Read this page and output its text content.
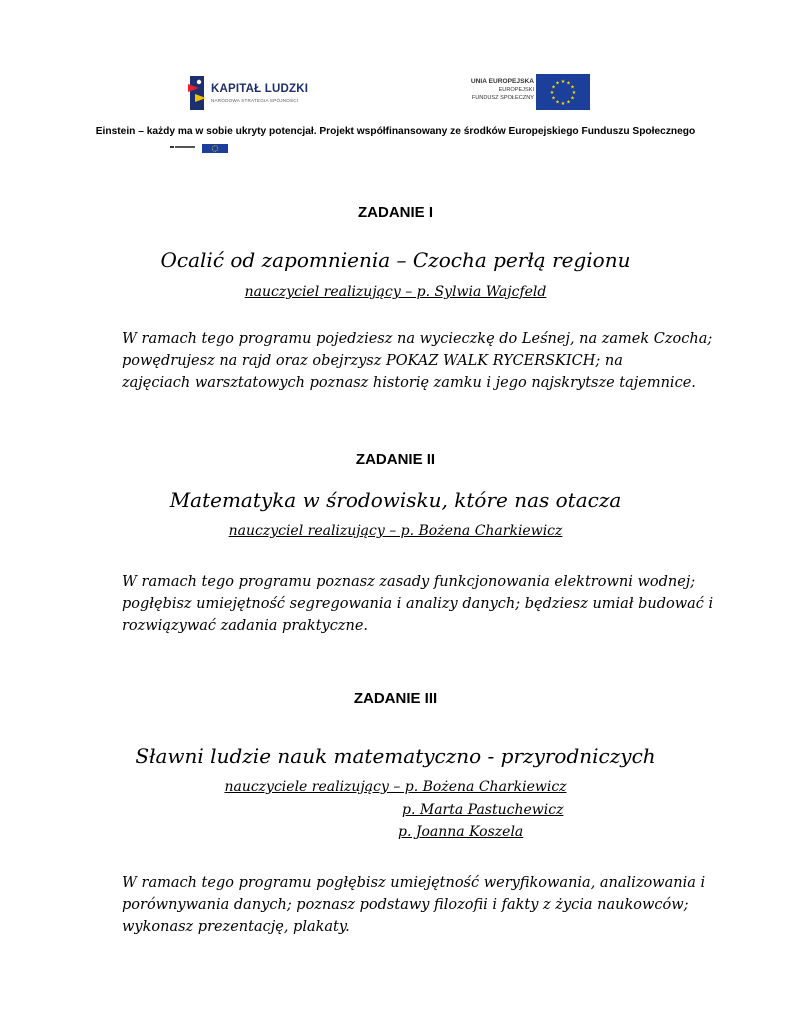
KAPITAŁ LUDZKI
NARODOWA STRATEGIA SPÓJNOŚCI
UNIA EUROPEJSKA
EUROPEJSKI
FUNDUSZ SPOŁECZNY
★ ★
★
★
★
★
★
★
★
★
★
★
Einstein – każdy ma w sobie ukryty potencjał. Projekt współfinansowany ze środków Europejskiego Funduszu Społecznego
ZADANIE I
Ocalić od zapomnienia – Czocha perłą regionu
nauczyciel realizujący – p. Sylwia Wajcfeld
W ramach tego programu pojedziesz na wycieczkę do Leśnej, na zamek Czocha;
powędrujesz na rajd oraz obejrzysz POKAZ WALK RYCERSKICH; na
zajęciach warsztatowych poznasz historię zamku i jego najskrytsze tajemnice.
ZADANIE II
Matematyka w środowisku, które nas otacza
nauczyciel realizujący – p. Bożena Charkiewicz
W ramach tego programu poznasz zasady funkcjonowania elektrowni wodnej;
pogłębisz umiejętność segregowania i analizy danych; będziesz umiał budować i
rozwiązywać zadania praktyczne.
ZADANIE III
Sławni ludzie nauk matematyczno - przyrodniczych
nauczyciele realizujący – p. Bożena Charkiewicz
p. Marta Pastuchewicz
p. Joanna Koszela
W ramach tego programu pogłębisz umiejętność weryfikowania, analizowania i
porównywania danych; poznasz podstawy filozofii i fakty z życia naukowców;
wykonasz prezentację, plakaty.
